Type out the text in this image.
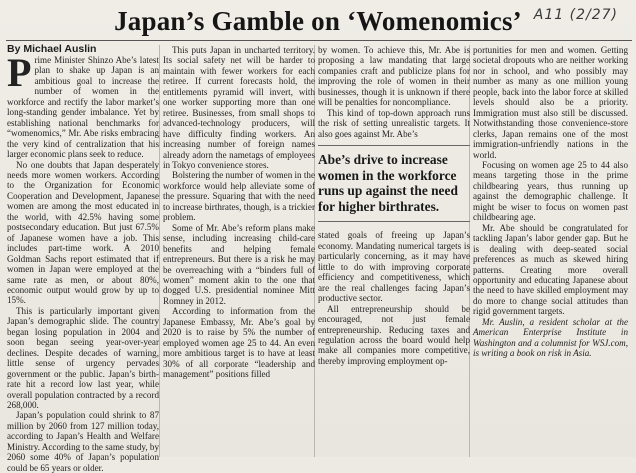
Japan’s Gamble on ‘Womenomics’ A11 (2/27)
By Michael Auslin

Prime Minister Shinzo Abe’s latest plan to shake up Japan is an ambitious goal to increase the number of women in the workforce and rectify the labor market’s long-standing gender imbalance. Yet by establishing national benchmarks for “womenomics,” Mr. Abe risks embracing the very kind of centralization that his larger economic plans seek to reduce.

No one doubts that Japan desperately needs more women workers. According to the Organization for Economic Cooperation and Development, Japanese women are among the most educated in the world, with 42.5% having some postsecondary education. But just 67.5% of Japanese women have a job. This includes part-time work. A 2010 Goldman Sachs report estimated that if women in Japan were employed at the same rate as men, or about 80%, economic output would grow by up to 15%.

This is particularly important given Japan’s demographic slide. The country began losing population in 2004 and soon began seeing year-over-year declines. Despite decades of warning, little sense of urgency pervades government or the public. Japan’s birth-rate hit a record low last year, while overall population contracted by a record 268,000.

Japan’s population could shrink to 87 million by 2060 from 127 million today, according to Japan’s Health and Welfare Ministry. According to the same study, by 2060 some 40% of Japan’s population could be 65 years or older.

This puts Japan in uncharted territory. Its social safety net will be harder to maintain with fewer workers for each retiree. If current forecasts hold, the entitlements pyramid will invert, with one worker supporting more than one retiree. Businesses, from small shops to advanced-technology producers, will have difficulty finding workers. An increasing number of foreign names already adorn the nametags of employees in Tokyo convenience stores.

Bolstering the number of women in the workforce would help alleviate some of the pressure. Squaring that with the need to increase birthrates, though, is a trickier problem.

Some of Mr. Abe’s reform plans make sense, including increasing child-care benefits and helping female entrepreneurs. But there is a risk he may be overreaching with a “binders full of women” moment akin to the one that dogged U.S. presidential nominee Mitt Romney in 2012.

According to information from the Japanese Embassy, Mr. Abe’s goal by 2020 is to raise by 5% the number of employed women age 25 to 44. An even more ambitious target is to have at least 30% of all corporate “leadership and management” positions filled

by women. To achieve this, Mr. Abe is proposing a law mandating that large companies craft and publicize plans for improving the role of women in their businesses, though it is unknown if there will be penalties for noncompliance.

This kind of top-down approach runs the risk of setting unrealistic targets. It also goes against Mr. Abe’s

Abe’s drive to increase women in the workforce runs up against the need for higher birthrates.

stated goals of freeing up Japan’s economy. Mandating numerical targets is particularly concerning, as it may have little to do with improving corporate efficiency and competitiveness, which are the real challenges facing Japan’s productive sector.

All entrepreneurship should be encouraged, not just female entrepreneurship. Reducing taxes and regulation across the board would help make all companies more competitive, thereby improving employment op-

portunities for men and women. Getting societal dropouts who are neither working nor in school, and who possibly may number as many as one million young people, back into the labor force at skilled levels should also be a priority. Immigration must also still be discussed. Notwithstanding those convenience-store clerks, Japan remains one of the most immigration-unfriendly nations in the world.

Focusing on women age 25 to 44 also means targeting those in the prime childbearing years, thus running up against the demographic challenge. It might be wiser to focus on women past childbearing age.

Mr. Abe should be congratulated for tackling Japan’s labor gender gap. But he is dealing with deep-seated social preferences as much as skewed hiring patterns. Creating more overall opportunity and educating Japanese about the need to have skilled employment may do more to change social attitudes than rigid government targets.

Mr. Auslin, a resident scholar at the American Enterprise Institute in Washington and a columnist for WSJ.com, is writing a book on risk in Asia.
